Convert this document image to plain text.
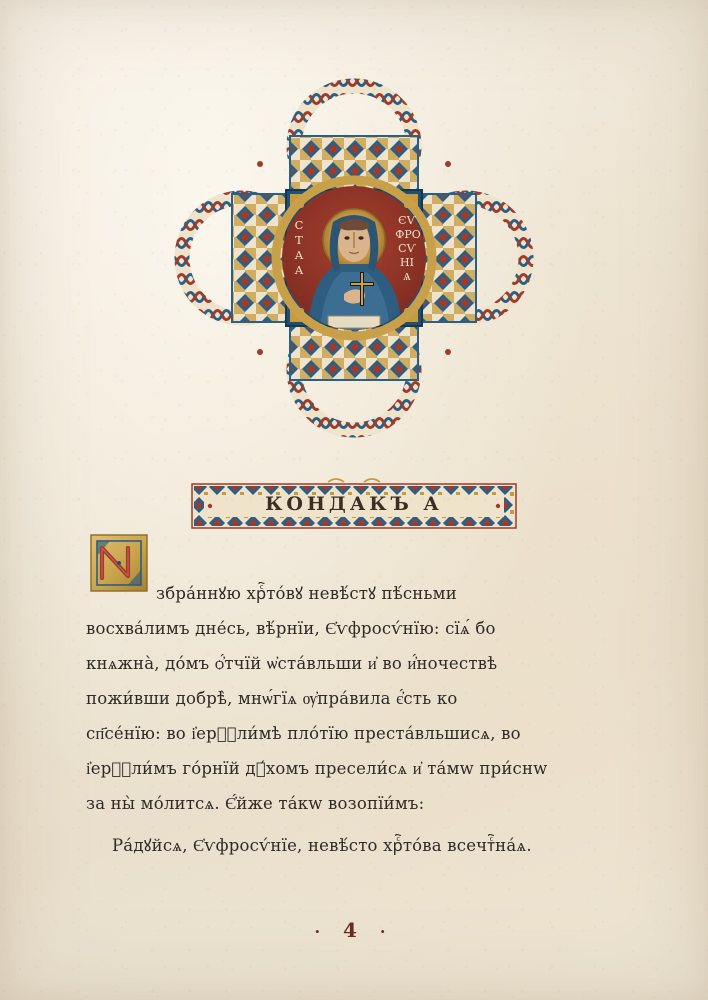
С
Т
А
А
ЄѴ
ФРО
СѴ
НІ
Ѧ
КОНДАКЪ А
збра́ннꙋю хрⷭ҇то́вꙋ невѣ́стꙋ пѣ́сньми
восхва́лимъ дне́сь, вѣ́рнїи, Є҆ѵфросѵ́нїю: сїѧ́ бо
кнѧжна̀, до́мъ ѻ҆́тчїй ѡ҆ста́вльши и҆ во и҆́ночествѣ
пожи́вши добрѣ̀, мнѡ́гїѧ ѹ҆пра́вила є҆́сть ко
сп҃се́нїю: во і҆ерⷭ҇ли́мѣ пло́тїю преста́вльшисѧ, во
і҆ерⷭ҇ли́мъ го́рнїй дꙋ́хомъ пресели́сѧ и҆ та́мw при́снw
за ны̀ мо́литсѧ. Є҆́йже та́кw возопїи́мъ:
Ра́дꙋйсѧ, Є҆ѵфросѵ́нїе, невѣ́сто хрⷭ҇то́ва всечтⷭ҇на́ѧ.
· 4 ·
